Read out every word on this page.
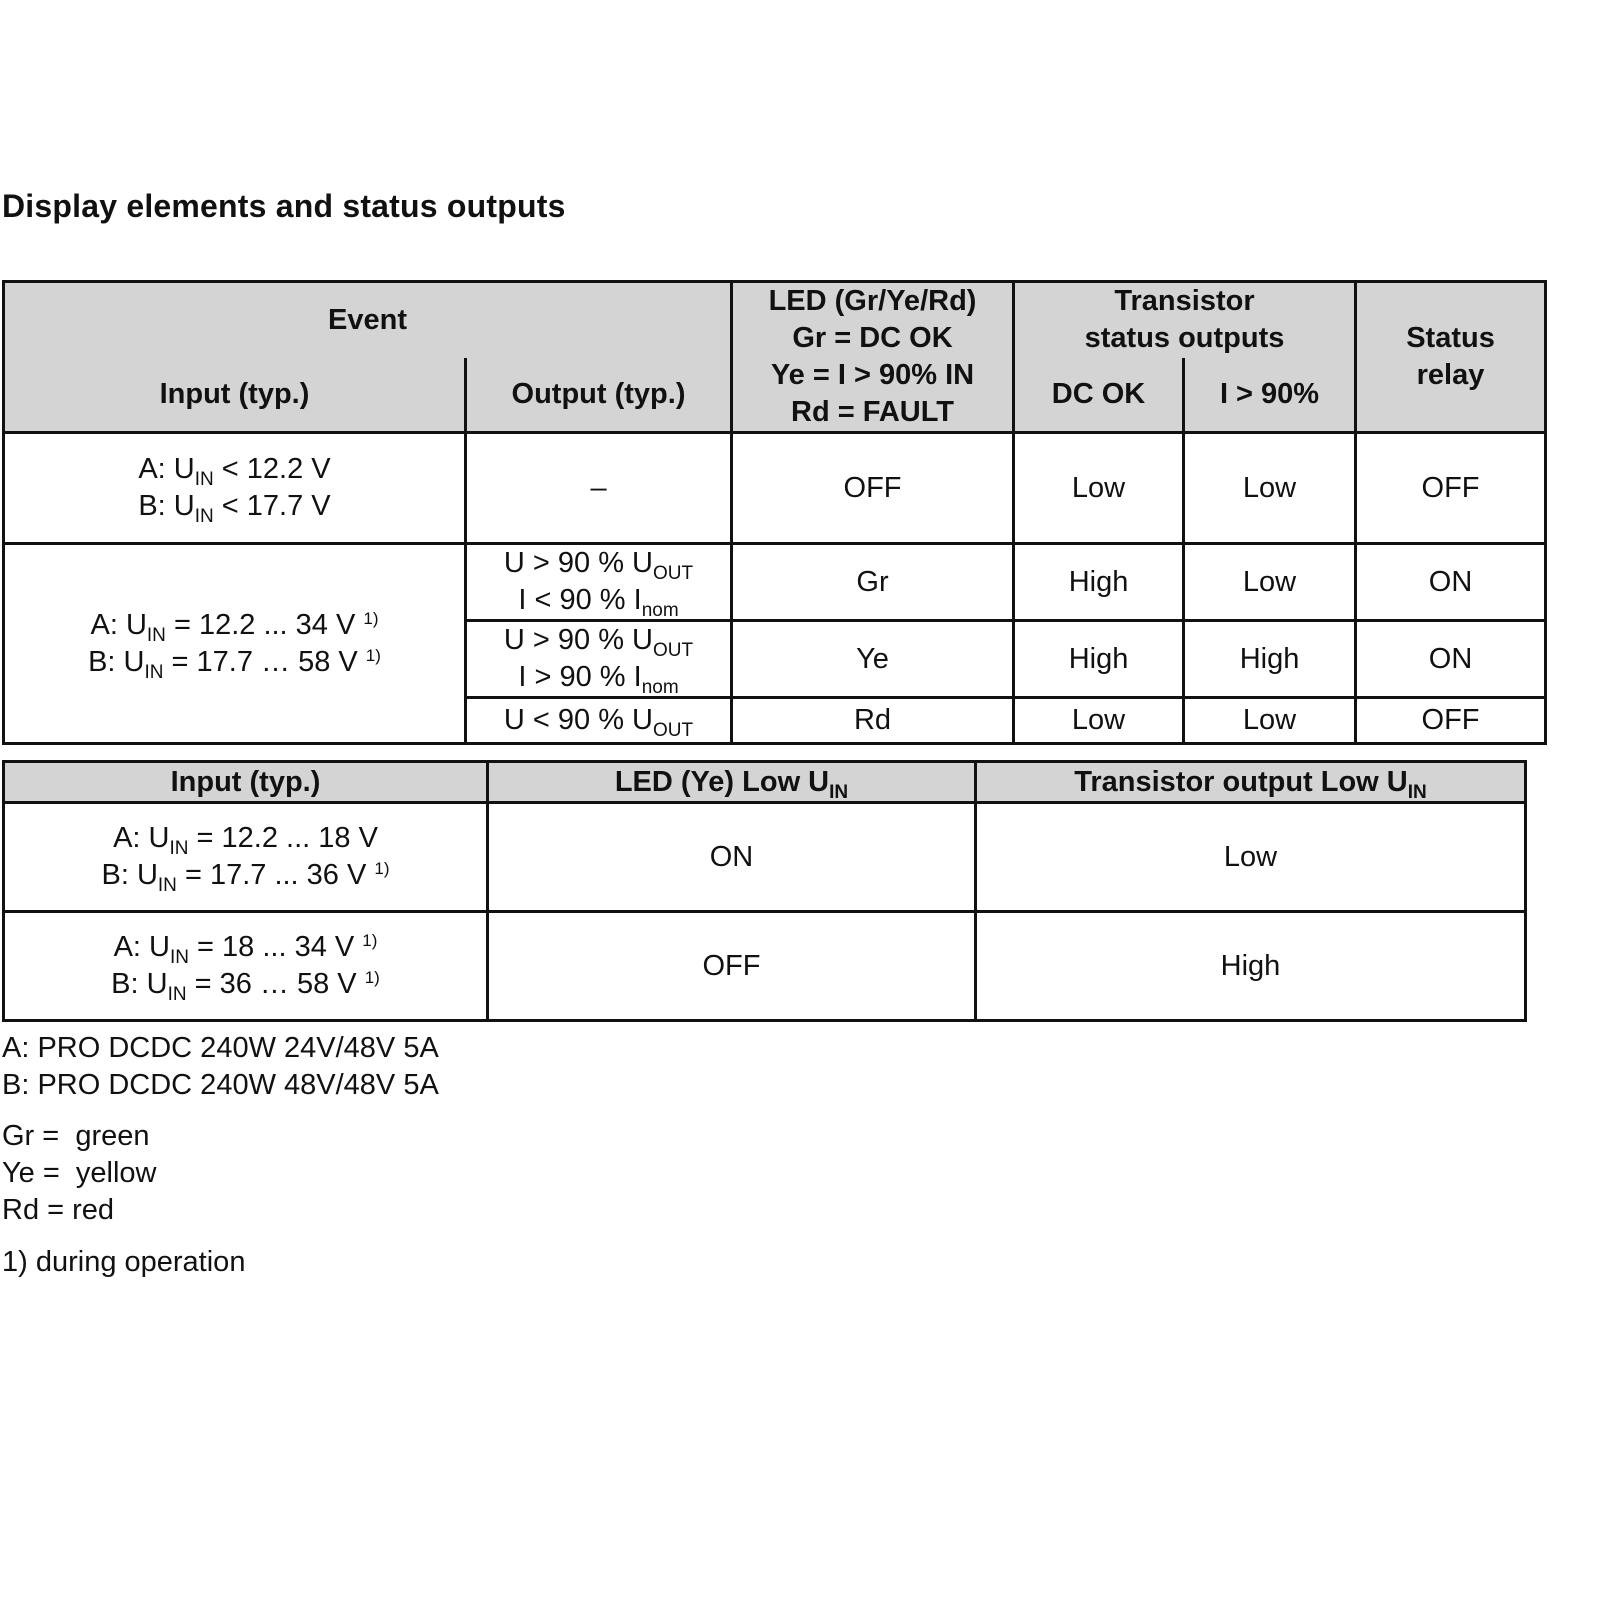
Display elements and status outputs
Event		LED (Gr/Ye/Rd)
Gr = DC OK
Ye = I > 90% IN
Rd = FAULT	Transistor
status outputs		Status
relay

Input (typ.)	Output (typ.)		DC OK	I > 90%	

A: $U_{IN} < 12.2$ V
B: $U_{IN} < 17.7$ V	–	OFF	Low	Low	OFF

A: $U_{IN} = 12.2$ ... 34 V $^{1)}$
B: $U_{IN} = 17.7$ … 58 V $^{1)}$	U > 90 % $U_{OUT}$
I < 90 % $I_{nom}$	Gr	High	Low	ON

	U > 90 % $U_{OUT}$
I > 90 % $I_{nom}$	Ye	High	High	ON

	U < 90 % $U_{OUT}$	Rd	Low	Low	OFF
Input (typ.)	LED (Ye) Low $U_{IN}$	Transistor output Low $U_{IN}$

A: $U_{IN} = 12.2$ ... 18 V
B: $U_{IN} = 17.7$ ... 36 V $^{1)}$	ON	Low

A: $U_{IN} = 18$ ... 34 V $^{1)}$
B: $U_{IN} = 36$ … 58 V $^{1)}$	OFF	High
A: PRO DCDC 240W 24V/48V 5A
B: PRO DCDC 240W 48V/48V 5A
Gr =  green
Ye =  yellow
Rd = red
1) during operation
